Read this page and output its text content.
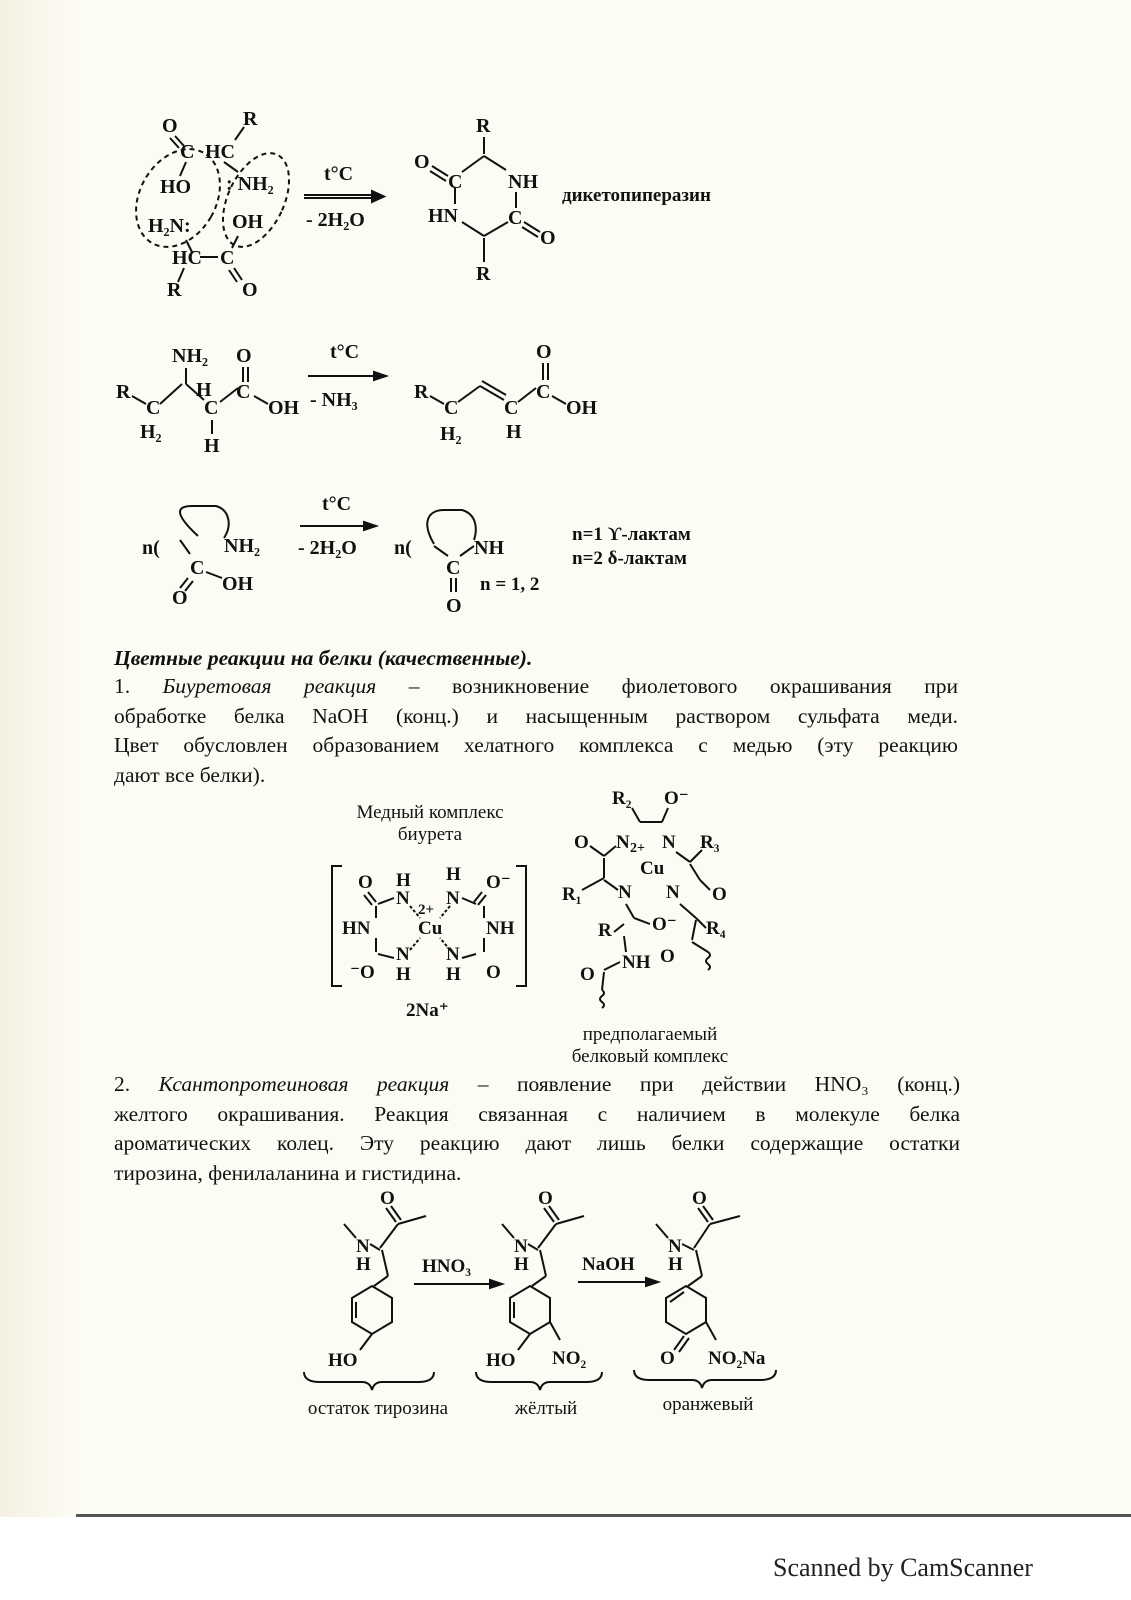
O
C HC
R
HO : NH₂
H₂N: OH
HC C
R	O
t°C
- 2H₂O
R
NH
C
O
R
HN
C
O
дикетопиперазин
NH₂ O
R
C
H₂
H
C
H
C
OH
t°C
- NH₃
O
R
C
H₂
C
H
C
OH
n(	NH₂
C
O
OH
t°C
- 2H₂O n(	NH
C
O
n = 1, 2
n=1 ϒ-лактам
n=2 δ-лактам
Цветные реакции на белки (качественные).
1. Биуретовая реакция – возникновение фиолетового окрашивания при
обработке белка NaOH (конц.) и насыщенным раствором сульфата меди.
Цвет обусловлен образованием хелатного комплекса с медью (эту реакцию
дают все белки).
Медный комплекс
биурета
O H
N
H
N
O⁻
2+
Cu
HN	NH
N
H
N
H
⁻O	O
2Na⁺
R₂ O⁻
N N
2+
Cu
R₃
O
R₁ N N O
R O⁻ R₄
O
NH
O
предполагаемый
белковый комплекс
2. Ксантопротеиновая реакция – появление при действии HNO₃ (конц.)
желтого окрашивания. Реакция связанная с наличием в молекуле белка
ароматических колец. Эту реакцию дают лишь белки содержащие остатки
тирозина, фенилаланина и гистидина.
O
N
H
HO
остаток тирозина
HNO₃
O
N
H
HO NO₂
жёлтый
NaOH
O
N
H
O NO₂Na
оранжевый
Scanned by CamScanner
